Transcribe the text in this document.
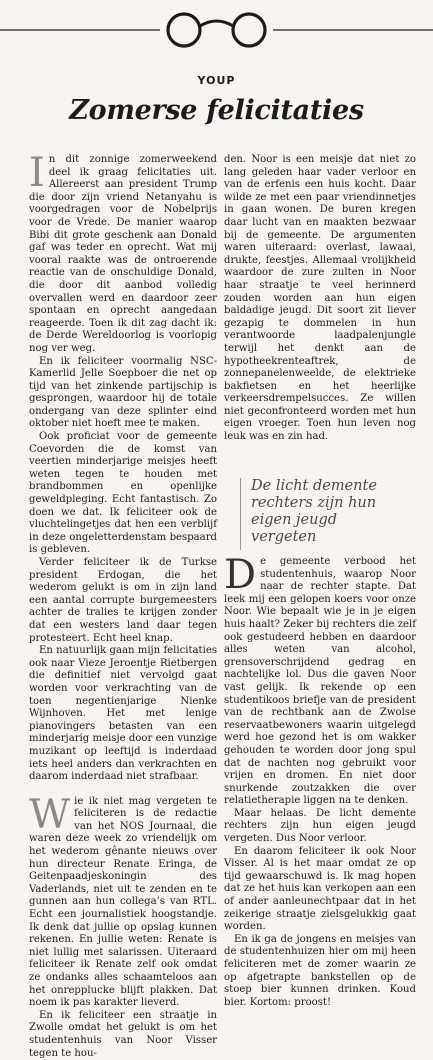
YOUP
Zomerse felicitaties

In dit zonnige zomerweekend deel ik graag felicitaties uit. Allereerst aan president Trump die door zijn vriend Netanyahu is voorgedragen voor de Nobelprijs voor de Vrede. De manier waarop Bibi dit grote geschenk aan Donald gaf was teder en oprecht. Wat mij vooral raakte was de ontroerende reactie van de onschuldige Donald, die door dit aanbod volledig overvallen werd en daardoor zeer spontaan en oprecht aangedaan reageerde. Toen ik dit zag dacht ik: de Derde Wereldoorlog is voorlopig nog ver weg.

En ik feliciteer voormalig NSC-Kamerlid Jelle Soepboer die net op tijd van het zinkende partijschip is gesprongen, waardoor hij de totale ondergang van deze splinter eind oktober niet hoeft mee te maken.

Ook proficiat voor de gemeente Coevorden die de komst van veertien minderjarige meisjes heeft weten tegen te houden met brandbommen en openlijke geweldpleging. Echt fantastisch. Zo doen we dat. Ik feliciteer ook de vluchtelingetjes dat hen een verblijf in deze ongeletterdenstam bespaard is gebleven.

Verder feliciteer ik de Turkse president Erdogan, die het wederom gelukt is om in zijn land een aantal corrupte burgemeesters achter de tralies te krijgen zonder dat een westers land daar tegen protesteert. Echt heel knap.

En natuurlijk gaan mijn felicitaties ook naar Vieze Jeroentje Rietbergen die definitief niet vervolgd gaat worden voor verkrachting van de toen negentienjarige Nienke Wijnhoven. Het met lenige pianovingers betasten van een minderjarig meisje door een vunzige muzikant op leeftijd is inderdaad iets heel anders dan verkrachten en daarom inderdaad niet strafbaar.

Wie ik niet mag vergeten te feliciteren is de redactie van het NOS Journaal, die waren deze week zo vriendelijk om het wederom gênante nieuws over hun directeur Renate Eringa, de Geitenpaadjeskoningin des Vaderlands, niet uit te zenden en te gunnen aan hun collega’s van RTL. Echt een journalistiek hoogstandje. Ik denk dat jullie op opslag kunnen rekenen. En jullie weten: Renate is niet lullig met salarissen. Uiteraard feliciteer ik Renate zelf ook omdat ze ondanks alles schaamteloos aan het onrepplucke blijft plakken. Dat noem ik pas karakter lieverd.

En ik feliciteer een straatje in Zwolle omdat het gelukt is om het studentenhuis van Noor Visser tegen te hou-

den. Noor is een meisje dat niet zo lang geleden haar vader verloor en van de erfenis een huis kocht. Daar wilde ze met een paar vriendinnetjes in gaan wonen. De buren kregen daar lucht van en maakten bezwaar bij de gemeente. De argumenten waren uiteraard: overlast, lawaai, drukte, feestjes. Allemaal vrolijkheid waardoor de zure zulten in Noor haar straatje te veel herinnerd zouden worden aan hun eigen baldadige jeugd. Dit soort zit liever gezapig te dommelen in hun verantwoorde laadpalenjungle terwijl het denkt aan de hypotheekrenteaftrek, de zonnepanelenweelde, de elektrieke bakfietsen en het heerlijke verkeersdrempelsucces. Ze willen niet geconfronteerd worden met hun eigen vroeger. Toen hun leven nog leuk was en zin had.

De licht demente rechters zijn hun eigen jeugd vergeten

De gemeente verbood het studentenhuis, waarop Noor naar de rechter stapte. Dat leek mij een gelopen koers voor onze Noor. Wie bepaalt wie je in je eigen huis haalt? Zeker bij rechters die zelf ook gestudeerd hebben en daardoor alles weten van alcohol, grensoverschrijdend gedrag en nachtelijke lol. Dus die gaven Noor vast gelijk. Ik rekende op een studentikoos briefje van de president van de rechtbank aan de Zwolse reservaatbewoners waarin uitgelegd werd hoe gezond het is om wakker gehouden te worden door jong spul dat de nachten nog gebruikt voor vrijen en dromen. En niet door snurkende zoutzakken die over relatietherapie liggen na te denken.

Maar helaas. De licht demente rechters zijn hun eigen jeugd vergeten. Dus Noor verloor.

En daarom feliciteer ik ook Noor Visser. Al is het maar omdat ze op tijd gewaarschuwd is. Ik mag hopen dat ze het huis kan verkopen aan een of ander aanleunechtpaar dat in het zeikerige straatje zielsgelukkig gaat worden.

En ik ga de jongens en meisjes van de studentenhuizen hier om mij heen feliciteren met de zomer waarin ze op afgetrapte bankstellen op de stoep bier kunnen drinken. Koud bier. Kortom: proost!
